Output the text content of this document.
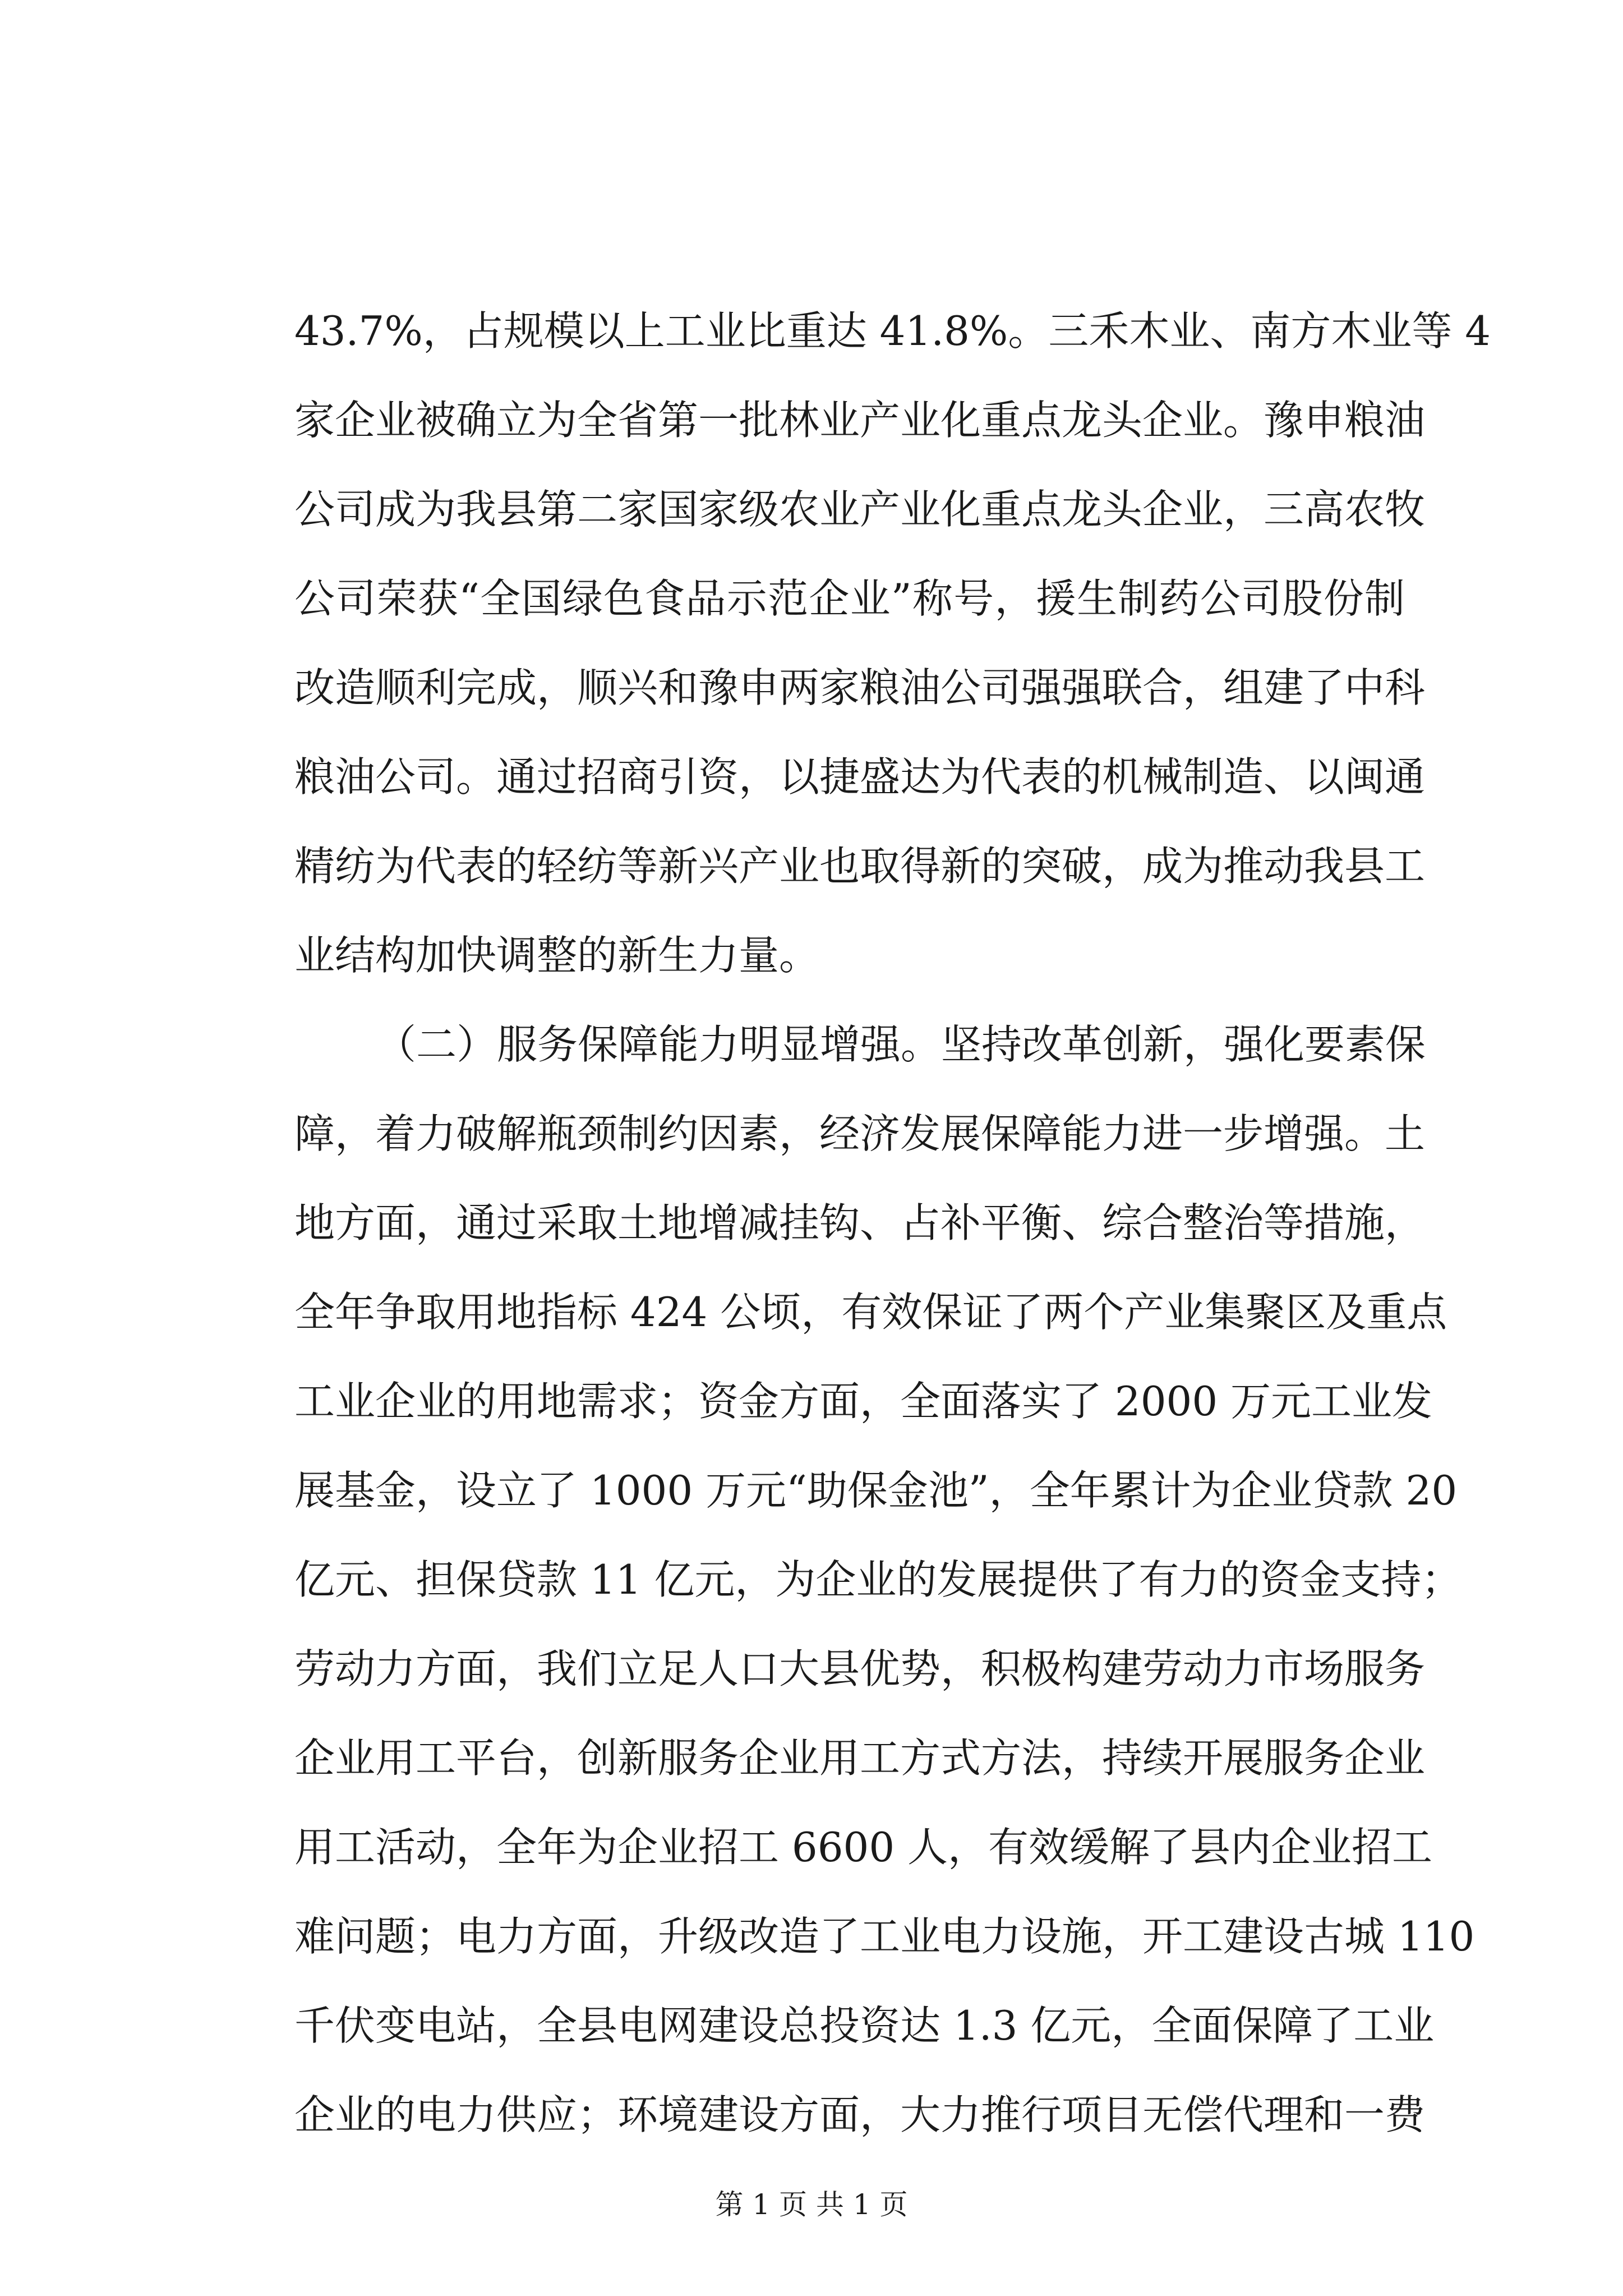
43.7%，占规模以上工业比重达 41.8%。三禾木业、南方木业等 4
家企业被确立为全省第一批林业产业化重点龙头企业。豫申粮油
公司成为我县第二家国家级农业产业化重点龙头企业，三高农牧
公司荣获“全国绿色食品示范企业”称号，援生制药公司股份制
改造顺利完成，顺兴和豫申两家粮油公司强强联合，组建了中科
粮油公司。通过招商引资，以捷盛达为代表的机械制造、以闽通
精纺为代表的轻纺等新兴产业也取得新的突破，成为推动我县工
业结构加快调整的新生力量。
（二）服务保障能力明显增强。坚持改革创新，强化要素保
障，着力破解瓶颈制约因素，经济发展保障能力进一步增强。土
地方面，通过采取土地增减挂钩、占补平衡、综合整治等措施，
全年争取用地指标 424 公顷，有效保证了两个产业集聚区及重点
工业企业的用地需求；资金方面，全面落实了 2000 万元工业发
展基金，设立了 1000 万元“助保金池”，全年累计为企业贷款 20
亿元、担保贷款 11 亿元，为企业的发展提供了有力的资金支持；
劳动力方面，我们立足人口大县优势，积极构建劳动力市场服务
企业用工平台，创新服务企业用工方式方法，持续开展服务企业
用工活动，全年为企业招工 6600 人，有效缓解了县内企业招工
难问题；电力方面，升级改造了工业电力设施，开工建设古城 110
千伏变电站，全县电网建设总投资达 1.3 亿元，全面保障了工业
企业的电力供应；环境建设方面，大力推行项目无偿代理和一费
第 1 页 共 1 页
